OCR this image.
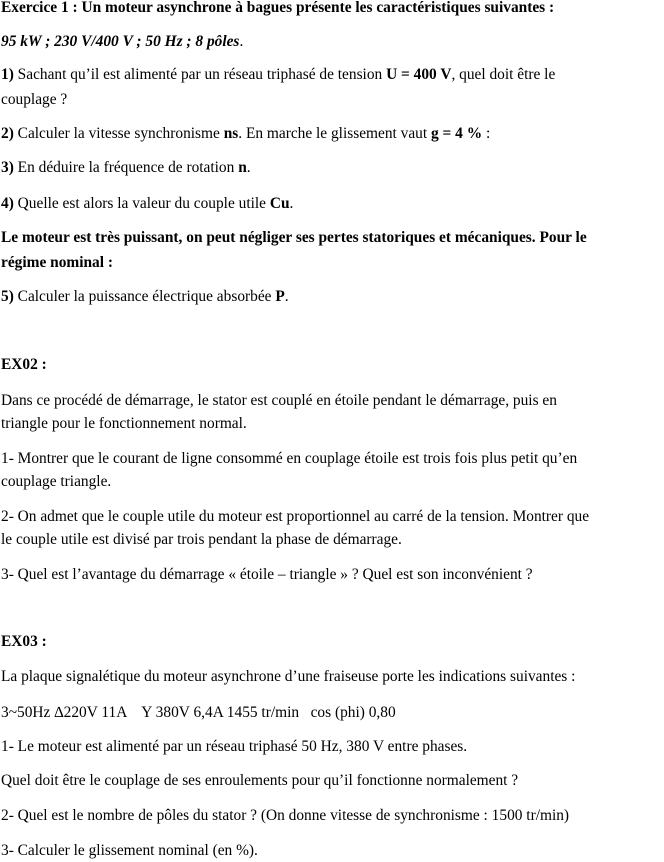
Exercice 1 : Un moteur asynchrone à bagues présente les caractéristiques suivantes :
95 kW ; 230 V/400 V ; 50 Hz ; 8 pôles.
1) Sachant qu’il est alimenté par un réseau triphasé de tension U = 400 V, quel doit être le
couplage ?
2) Calculer la vitesse synchronisme ns. En marche le glissement vaut g = 4 % :
3) En déduire la fréquence de rotation n.
4) Quelle est alors la valeur du couple utile Cu.
Le moteur est très puissant, on peut négliger ses pertes statoriques et mécaniques. Pour le
régime nominal :
5) Calculer la puissance électrique absorbée P.
EX02 :
Dans ce procédé de démarrage, le stator est couplé en étoile pendant le démarrage, puis en
triangle pour le fonctionnement normal.
1- Montrer que le courant de ligne consommé en couplage étoile est trois fois plus petit qu’en
couplage triangle.
2- On admet que le couple utile du moteur est proportionnel au carré de la tension. Montrer que
le couple utile est divisé par trois pendant la phase de démarrage.
3- Quel est l’avantage du démarrage « étoile – triangle » ? Quel est son inconvénient ?
EX03 :
La plaque signalétique du moteur asynchrone d’une fraiseuse porte les indications suivantes :
3~50Hz ∆220V 11A    Y 380V 6,4A 1455 tr/min   cos (phi) 0,80
1- Le moteur est alimenté par un réseau triphasé 50 Hz, 380 V entre phases.
Quel doit être le couplage de ses enroulements pour qu’il fonctionne normalement ?
2- Quel est le nombre de pôles du stator ? (On donne vitesse de synchronisme : 1500 tr/min)
3- Calculer le glissement nominal (en %).
